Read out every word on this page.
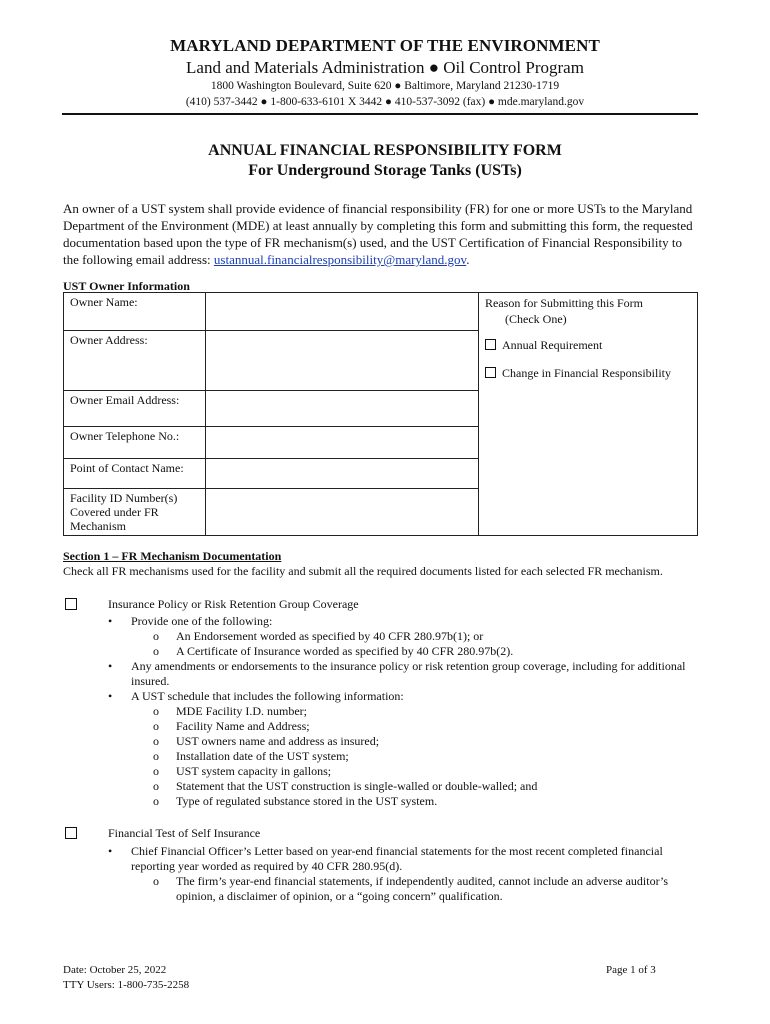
MARYLAND DEPARTMENT OF THE ENVIRONMENT
Land and Materials Administration ● Oil Control Program
1800 Washington Boulevard, Suite 620 ● Baltimore, Maryland 21230-1719
(410) 537-3442 ● 1-800-633-6101 X 3442 ● 410-537-3092 (fax) ● mde.maryland.gov
ANNUAL FINANCIAL RESPONSIBILITY FORM
For Underground Storage Tanks (USTs)
An owner of a UST system shall provide evidence of financial responsibility (FR) for one or more USTs to the Maryland Department of the Environment (MDE) at least annually by completing this form and submitting this form, the requested documentation based upon the type of FR mechanism(s) used, and the UST Certification of Financial Responsibility to the following email address: ustannual.financialresponsibility@maryland.gov.
UST Owner Information
Owner Name:		Reason for Submitting this Form
(Check One)
Annual Requirement
Change in Financial Responsibility

Owner Address:		
Owner Email Address:		
Owner Telephone No.:		
Point of Contact Name:		
Facility ID Number(s) Covered under FR Mechanism		
Section 1 – FR Mechanism Documentation
Check all FR mechanisms used for the facility and submit all the required documents listed for each selected FR mechanism.
Insurance Policy or Risk Retention Group Coverage
• Provide one of the following:
o An Endorsement worded as specified by 40 CFR 280.97b(1); or
o A Certificate of Insurance worded as specified by 40 CFR 280.97b(2).
• Any amendments or endorsements to the insurance policy or risk retention group coverage, including for additional insured.
• A UST schedule that includes the following information:
o MDE Facility I.D. number;
o Facility Name and Address;
o UST owners name and address as insured;
o Installation date of the UST system;
o UST system capacity in gallons;
o Statement that the UST construction is single-walled or double-walled; and
o Type of regulated substance stored in the UST system.
Financial Test of Self Insurance
• Chief Financial Officer’s Letter based on year-end financial statements for the most recent completed financial reporting year worded as required by 40 CFR 280.95(d).
o The firm’s year-end financial statements, if independently audited, cannot include an adverse auditor’s opinion, a disclaimer of opinion, or a “going concern” qualification.
Date: October 25, 2022
TTY Users: 1-800-735-2258
Page 1 of 3
